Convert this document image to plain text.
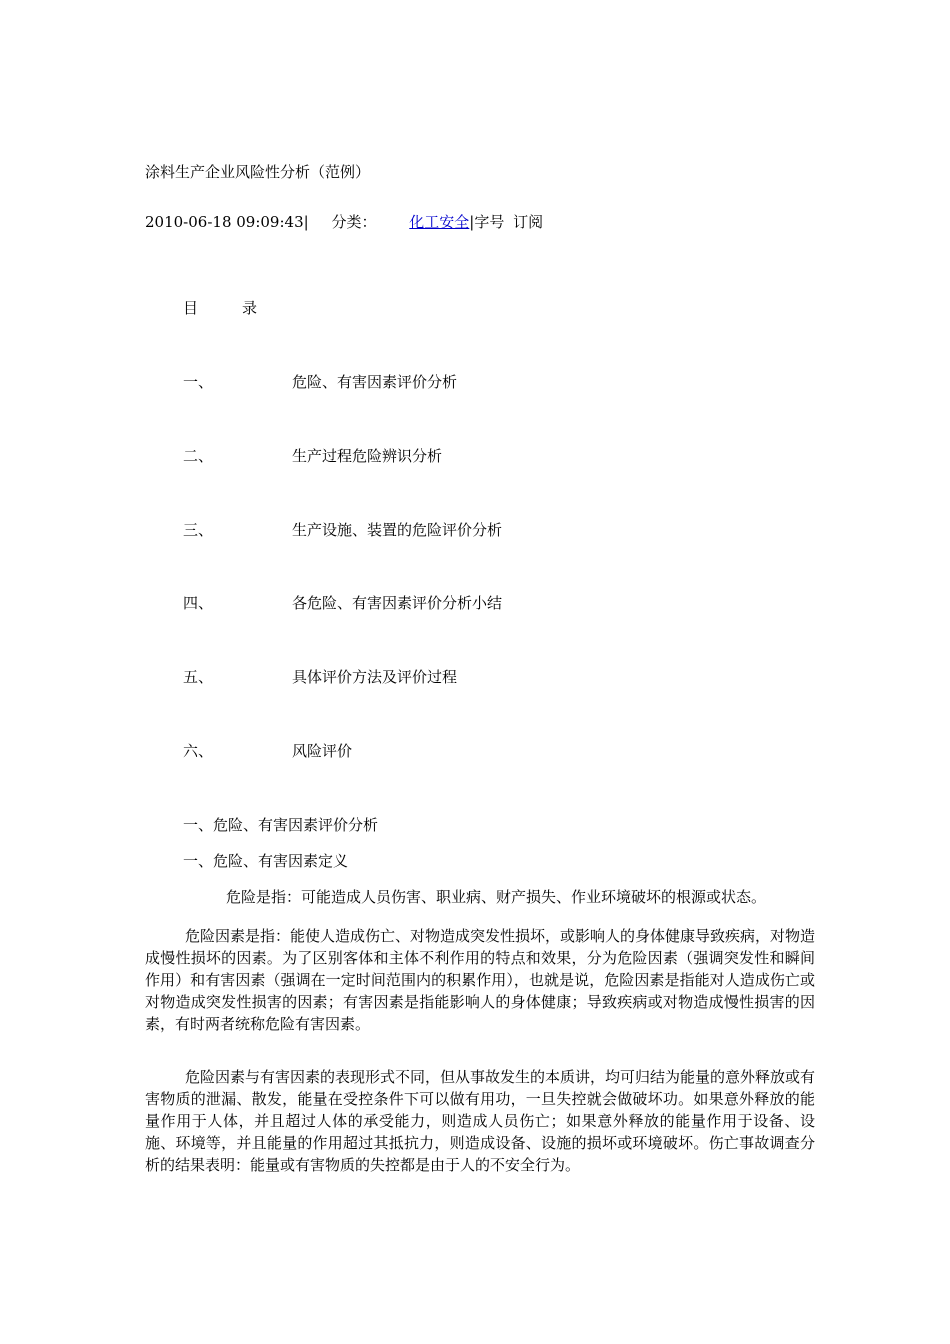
涂料生产企业风险性分析（范例）
2010-06-18 09:09:43| 分类： 化工安全|字号 订阅
目	录
一、	危险、有害因素评价分析
二、	生产过程危险辨识分析
三、	生产设施、装置的危险评价分析
四、	各危险、有害因素评价分析小结
五、	具体评价方法及评价过程
六、	风险评价
一、危险、有害因素评价分析
一、危险、有害因素定义
危险是指：可能造成人员伤害、职业病、财产损失、作业环境破坏的根源或状态。

危险因素是指：能使人造成伤亡、对物造成突发性损坏，或影响人的身体健康导致疾病，对物造成慢性损坏的因素。为了区别客体和主体不利作用的特点和效果，分为危险因素（强调突发性和瞬间作用）和有害因素（强调在一定时间范围内的积累作用），也就是说，危险因素是指能对人造成伤亡或对物造成突发性损害的因素；有害因素是指能影响人的身体健康；导致疾病或对物造成慢性损害的因素，有时两者统称危险有害因素。

危险因素与有害因素的表现形式不同，但从事故发生的本质讲，均可归结为能量的意外释放或有害物质的泄漏、散发，能量在受控条件下可以做有用功，一旦失控就会做破坏功。如果意外释放的能量作用于人体，并且超过人体的承受能力，则造成人员伤亡；如果意外释放的能量作用于设备、设施、环境等，并且能量的作用超过其抵抗力，则造成设备、设施的损坏或环境破坏。伤亡事故调查分析的结果表明：能量或有害物质的失控都是由于人的不安全行为。
